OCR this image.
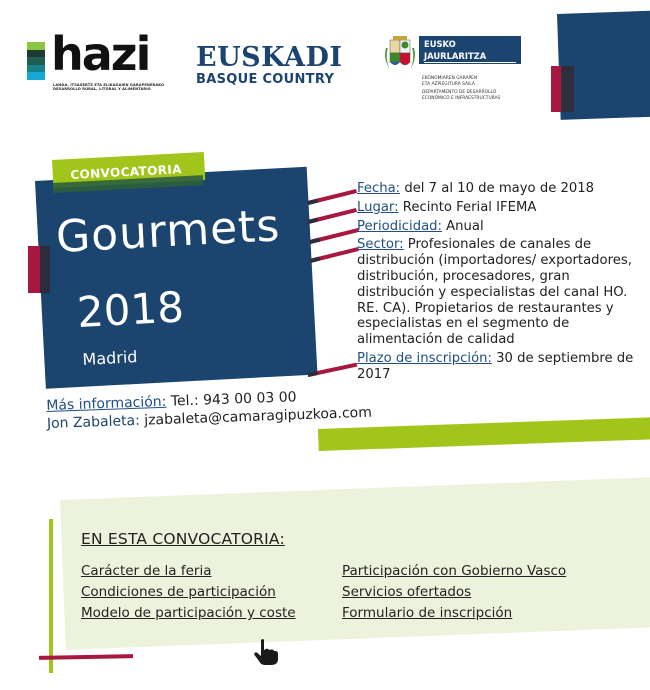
hazi
LANDA, ITSASERTZ ETA ELIKAGAIEN GARAPENERAKO
DESARROLLO RURAL, LITORAL Y ALIMENTARIO
EUSKADI
BASQUE COUNTRY
EUSKO JAURLARITZA
GOBIERNO VASCO

EKONOMIAREN GARAPEN
ETA AZPIEGITURA SAILA

DEPARTAMENTO DE DESARROLLO
ECONÓMICO E INFRAESTRUCTURAS

CONVOCATORIA
Gourmets
2018
Madrid
Fecha: del 7 al 10 de mayo de 2018
Lugar: Recinto Ferial IFEMA
Periodicidad: Anual
Sector: Profesionales de canales de distribución (importadores/ exportadores, distribución, procesadores, gran distribución y especialistas del canal HO. RE. CA). Propietarios de restaurantes y especialistas en el segmento de alimentación de calidad
Plazo de inscripción: 30 de septiembre de 2017
Más información: Tel.: 943 00 03 00
Jon Zabaleta: jzabaleta@camaragipuzkoa.com
EN ESTA CONVOCATORIA:
Carácter de la feria
Condiciones de participación
Modelo de participación y coste
Participación con Gobierno Vasco
Servicios ofertados
Formulario de inscripción
